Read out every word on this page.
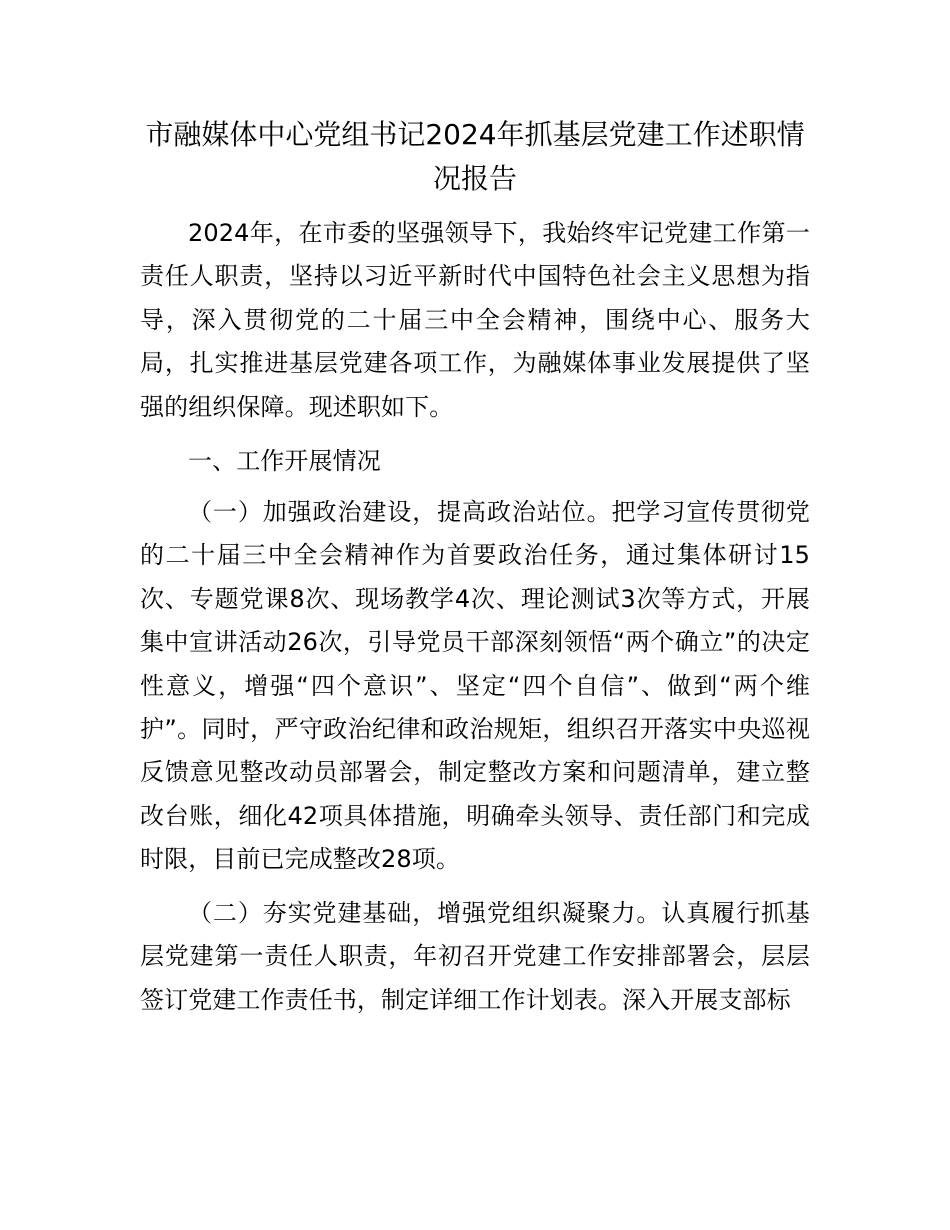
市融媒体中心党组书记2024年抓基层党建工作述职情况报告

2024年，在市委的坚强领导下，我始终牢记党建工作第一责任人职责，坚持以习近平新时代中国特色社会主义思想为指导，深入贯彻党的二十届三中全会精神，围绕中心、服务大局，扎实推进基层党建各项工作，为融媒体事业发展提供了坚强的组织保障。现述职如下。

一、工作开展情况

（一）加强政治建设，提高政治站位。把学习宣传贯彻党的二十届三中全会精神作为首要政治任务，通过集体研讨15次、专题党课8次、现场教学4次、理论测试3次等方式，开展集中宣讲活动26次，引导党员干部深刻领悟“两个确立”的决定性意义，增强“四个意识”、坚定“四个自信”、做到“两个维护”。同时，严守政治纪律和政治规矩，组织召开落实中央巡视反馈意见整改动员部署会，制定整改方案和问题清单，建立整改台账，细化42项具体措施，明确牵头领导、责任部门和完成时限，目前已完成整改28项。

（二）夯实党建基础，增强党组织凝聚力。认真履行抓基层党建第一责任人职责，年初召开党建工作安排部署会，层层签订党建工作责任书，制定详细工作计划表。深入开展支部标
